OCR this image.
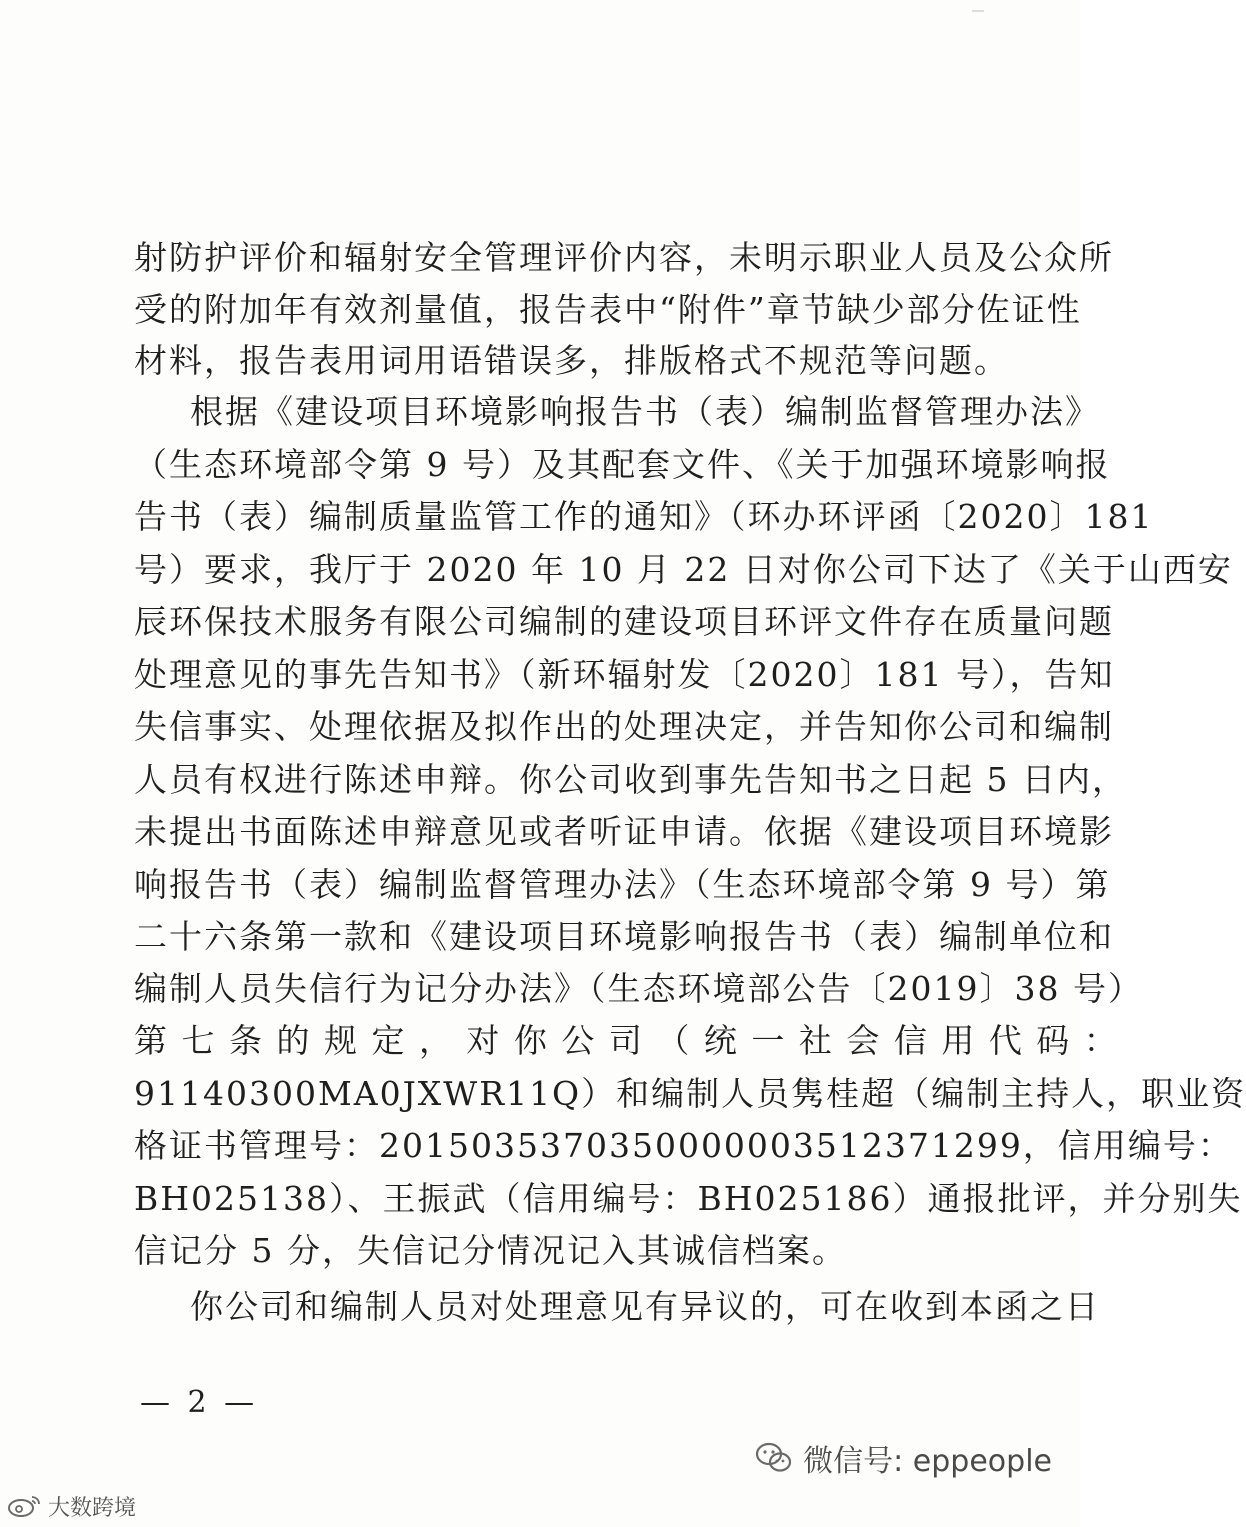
射防护评价和辐射安全管理评价内容，未明示职业人员及公众所
受的附加年有效剂量值，报告表中“附件”章节缺少部分佐证性
材料，报告表用词用语错误多，排版格式不规范等问题。
根据《建设项目环境影响报告书（表）编制监督管理办法》
（生态环境部令第 9 号）及其配套文件、《关于加强环境影响报
告书（表）编制质量监管工作的通知》（环办环评函〔2020〕181
号）要求，我厅于 2020 年 10 月 22 日对你公司下达了《关于山西安
辰环保技术服务有限公司编制的建设项目环评文件存在质量问题
处理意见的事先告知书》（新环辐射发〔2020〕181 号），告知
失信事实、处理依据及拟作出的处理决定，并告知你公司和编制
人员有权进行陈述申辩。你公司收到事先告知书之日起 5 日内，
未提出书面陈述申辩意见或者听证申请。依据《建设项目环境影
响报告书（表）编制监督管理办法》（生态环境部令第 9 号）第
二十六条第一款和《建设项目环境影响报告书（表）编制单位和
编制人员失信行为记分办法》（生态环境部公告〔2019〕38 号）
第 七 条 的 规 定 ， 对 你 公 司 （ 统 一 社 会 信 用 代 码 ：
91140300MA0JXWR11Q）和编制人员隽桂超（编制主持人，职业资
格证书管理号：2015035370350000003512371299，信用编号：
BH025138）、王振武（信用编号：BH025186）通报批评，并分别失
信记分 5 分，失信记分情况记入其诚信档案。
你公司和编制人员对处理意见有异议的，可在收到本函之日
— 2 —
微信号: eppeople
大数跨境
